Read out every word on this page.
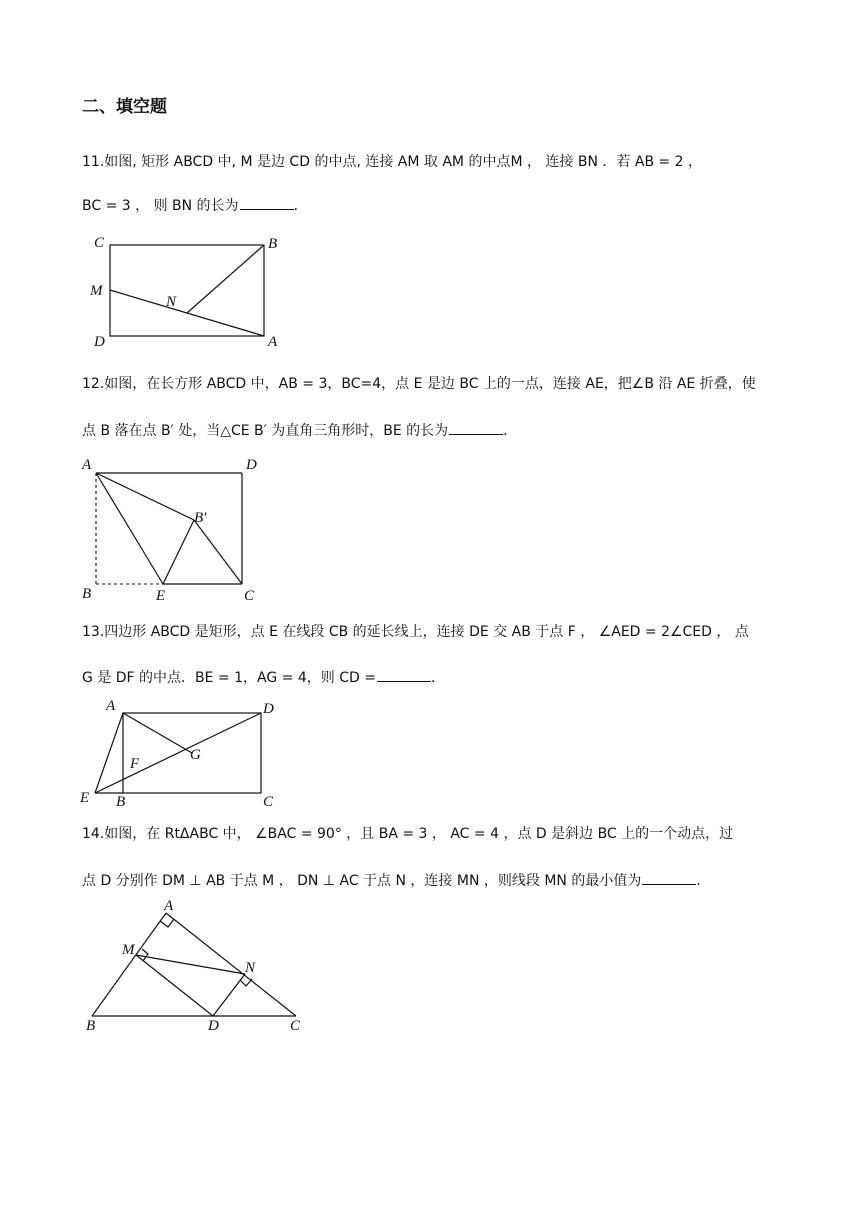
二、填空题

11.如图, 矩形 ABCD 中, M 是边 CD 的中点, 连接 AM 取 AM 的中点M ， 连接 BN ．若 AB = 2 ，

BC = 3 ， 则 BN 的长为	．

C	B
M
N
D	A

12.如图，在长方形 ABCD 中，AB = 3，BC=4，点 E 是边 BC 上的一点，连接 AE，把∠B 沿 AE 折叠，使

点 B 落在点 B′ 处，当△CE B′ 为直角三角形时，BE 的长为	．

A	D
B′
B	E	C

13.四边形 ABCD 是矩形，点 E 在线段 CB 的延长线上，连接 DE 交 AB 于点 F ， ∠AED = 2∠CED ， 点

G 是 DF 的中点．BE = 1，AG = 4，则 CD =	．

A	D
F
G
E B	C

14.如图，在 RtΔABC 中， ∠BAC = 90° ，且 BA = 3 ， AC = 4 ，点 D 是斜边 BC 上的一个动点，过

点 D 分别作 DM ⊥ AB 于点 M ， DN ⊥ AC 于点 N ，连接 MN ，则线段 MN 的最小值为	．

A
M
N
B	D	C
